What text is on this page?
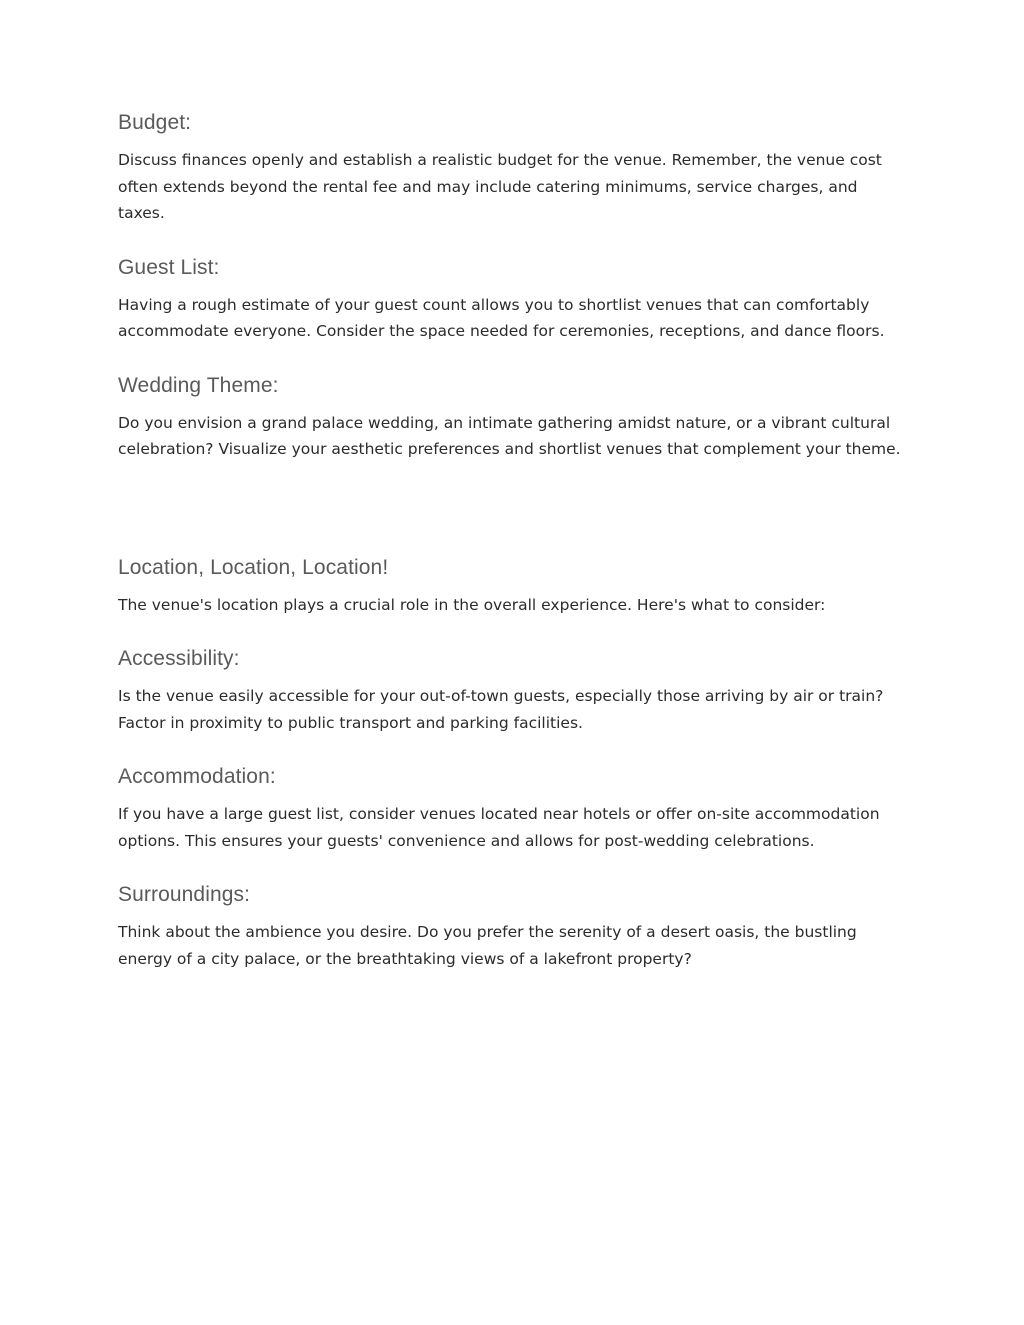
Budget:

Discuss finances openly and establish a realistic budget for the venue. Remember, the venue cost often extends beyond the rental fee and may include catering minimums, service charges, and taxes.

Guest List:

Having a rough estimate of your guest count allows you to shortlist venues that can comfortably accommodate everyone. Consider the space needed for ceremonies, receptions, and dance floors.

Wedding Theme:

Do you envision a grand palace wedding, an intimate gathering amidst nature, or a vibrant cultural celebration? Visualize your aesthetic preferences and shortlist venues that complement your theme.

Location, Location, Location!

The venue's location plays a crucial role in the overall experience. Here's what to consider:

Accessibility:

Is the venue easily accessible for your out-of-town guests, especially those arriving by air or train? Factor in proximity to public transport and parking facilities.

Accommodation:

If you have a large guest list, consider venues located near hotels or offer on-site accommodation options. This ensures your guests' convenience and allows for post-wedding celebrations.

Surroundings:

Think about the ambience you desire. Do you prefer the serenity of a desert oasis, the bustling energy of a city palace, or the breathtaking views of a lakefront property?
